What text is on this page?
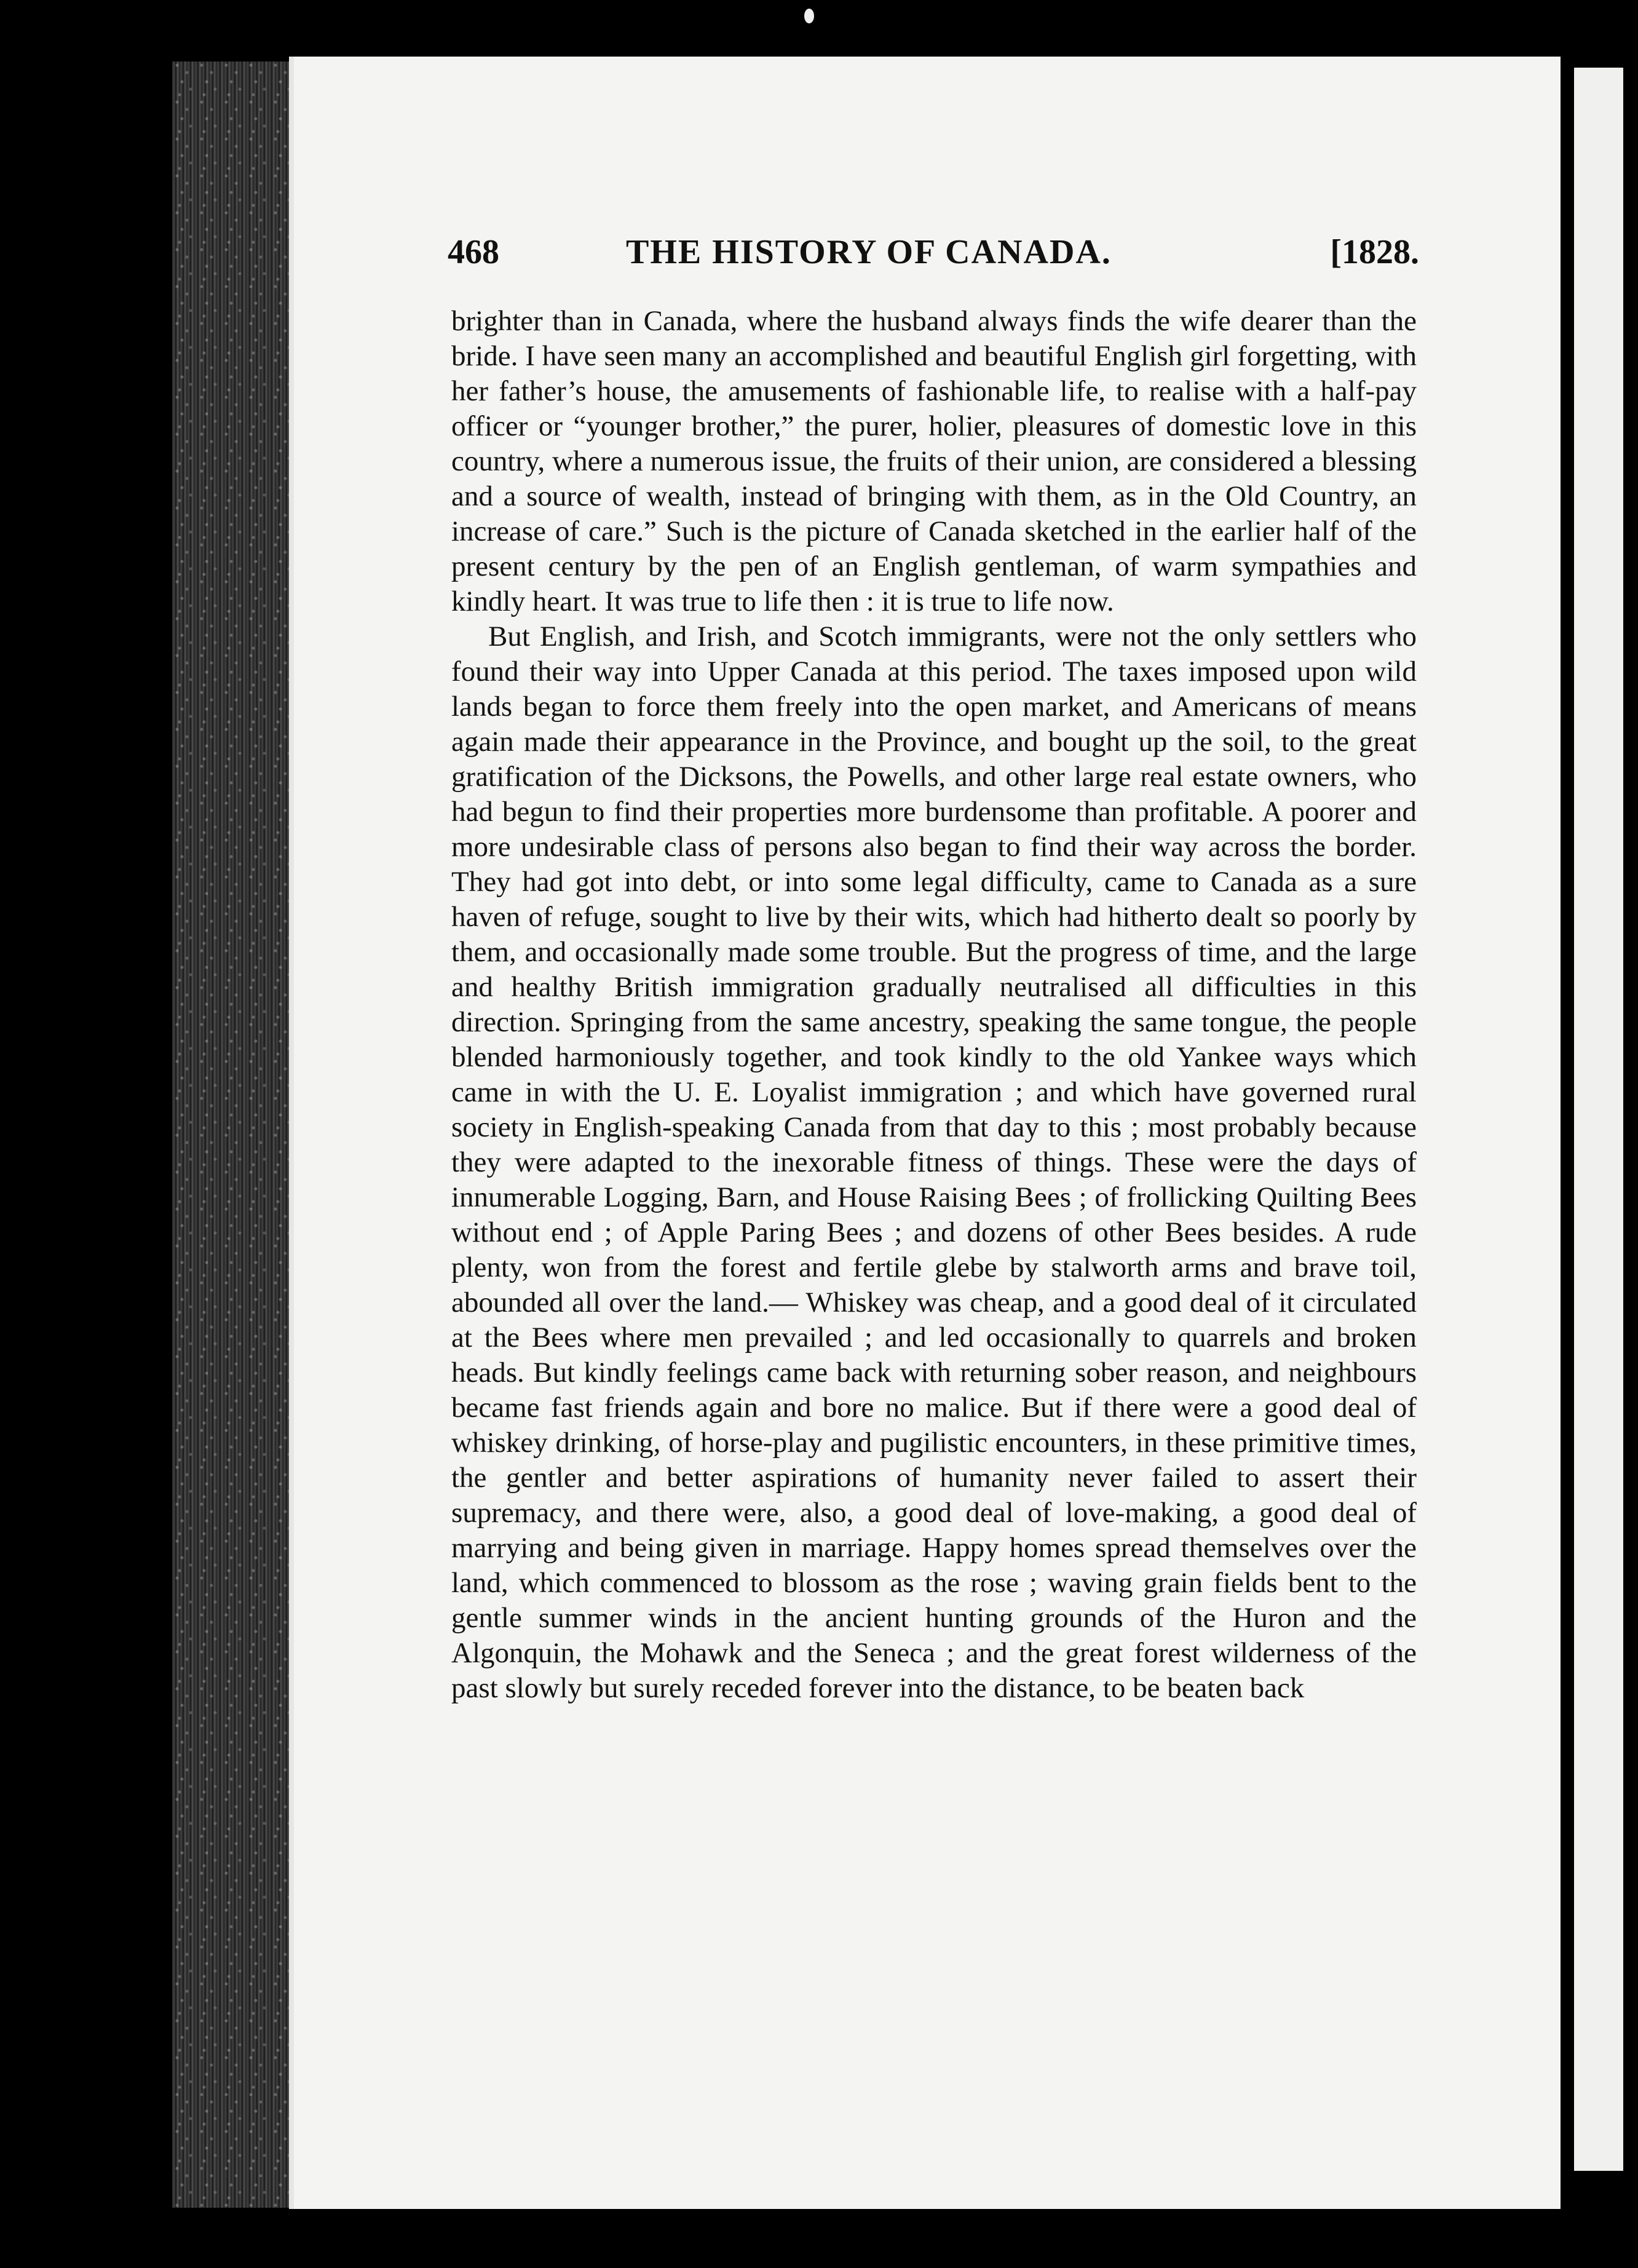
468	THE HISTORY OF CANADA.	[1828.

brighter than in Canada, where the husband always finds the wife dearer than the bride. I have seen many an accomplished and beautiful English girl forgetting, with her father’s house, the amusements of fashionable life, to realise with a half-pay officer or “younger brother,” the purer, holier, pleasures of domestic love in this country, where a numerous issue, the fruits of their union, are considered a blessing and a source of wealth, instead of bringing with them, as in the Old Country, an increase of care.” Such is the picture of Canada sketched in the earlier half of the present century by the pen of an English gentleman, of warm sympathies and kindly heart. It was true to life then : it is true to life now.

But English, and Irish, and Scotch immigrants, were not the only settlers who found their way into Upper Canada at this period. The taxes imposed upon wild lands began to force them freely into the open market, and Americans of means again made their appearance in the Province, and bought up the soil, to the great gratification of the Dicksons, the Powells, and other large real estate owners, who had begun to find their properties more burdensome than profitable. A poorer and more undesirable class of persons also began to find their way across the border. They had got into debt, or into some legal difficulty, came to Canada as a sure haven of refuge, sought to live by their wits, which had hitherto dealt so poorly by them, and occasionally made some trouble. But the progress of time, and the large and healthy British immigration gradually neutralised all difficulties in this direction. Springing from the same ancestry, speaking the same tongue, the people blended harmoniously together, and took kindly to the old Yankee ways which came in with the U. E. Loyalist immigration ; and which have governed rural society in English-speaking Canada from that day to this ; most probably because they were adapted to the inexorable fitness of things. These were the days of innumerable Logging, Barn, and House Raising Bees ; of frollicking Quilting Bees without end ; of Apple Paring Bees ; and dozens of other Bees besides. A rude plenty, won from the forest and fertile glebe by stalworth arms and brave toil, abounded all over the land.— Whiskey was cheap, and a good deal of it circulated at the Bees where men prevailed ; and led occasionally to quarrels and broken heads. But kindly feelings came back with returning sober reason, and neighbours became fast friends again and bore no malice. But if there were a good deal of whiskey drinking, of horse-play and pugilistic encounters, in these primitive times, the gentler and better aspirations of humanity never failed to assert their supremacy, and there were, also, a good deal of love-making, a good deal of marrying and being given in marriage. Happy homes spread themselves over the land, which commenced to blossom as the rose ; waving grain fields bent to the gentle summer winds in the ancient hunting grounds of the Huron and the Algonquin, the Mohawk and the Seneca ; and the great forest wilderness of the past slowly but surely receded forever into the distance, to be beaten back
